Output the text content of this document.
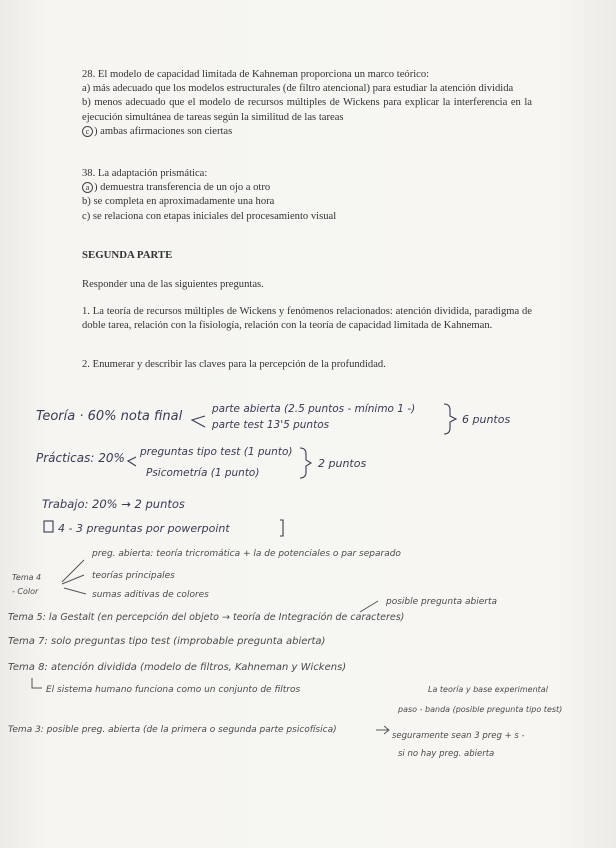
28. El modelo de capacidad limitada de Kahneman proporciona un marco teórico:

a) más adecuado que los modelos estructurales (de filtro atencional) para estudiar la atención dividida

b) menos adecuado que el modelo de recursos múltiples de Wickens para explicar la interferencia en la ejecución simultánea de tareas según la similitud de las tareas

c ) ambas afirmaciones son ciertas

38. La adaptación prismática:

a ) demuestra transferencia de un ojo a otro

b) se completa en aproximadamente una hora

c) se relaciona con etapas iniciales del procesamiento visual

SEGUNDA PARTE
Responder una de las siguientes preguntas.
1. La teoría de recursos múltiples de Wickens y fenómenos relacionados: atención dividida, paradigma de doble tarea, relación con la fisiología, relación con la teoría de capacidad limitada de Kahneman.
2. Enumerar y describir las claves para la percepción de la profundidad.
Teoría · 60% nota final	parte abierta (2.5 puntos - mínimo 1 -)
parte test 13'5 puntos	6 puntos
Prácticas: 20% preguntas tipo test (1 punto)
Psicometría (1 punto)
2 puntos
Trabajo: 20% → 2 puntos
4 - 3 preguntas por powerpoint
preg. abierta: teoría tricromática + la de potenciales o par separado
teorías principales
sumas aditivas de colores
Tema 4
- Color
posible pregunta abierta
Tema 5: la Gestalt (en percepción del objeto → teoría de Integración de caracteres)
Tema 7: solo preguntas tipo test (improbable pregunta abierta)
Tema 8: atención dividida (modelo de filtros, Kahneman y Wickens)
El sistema humano funciona como un conjunto de filtros	La teoría y base experimental
paso - banda (posible pregunta tipo test)
Tema 3: posible preg. abierta (de la primera o segunda parte psicofísica)
seguramente sean 3 preg + s -
si no hay preg. abierta
